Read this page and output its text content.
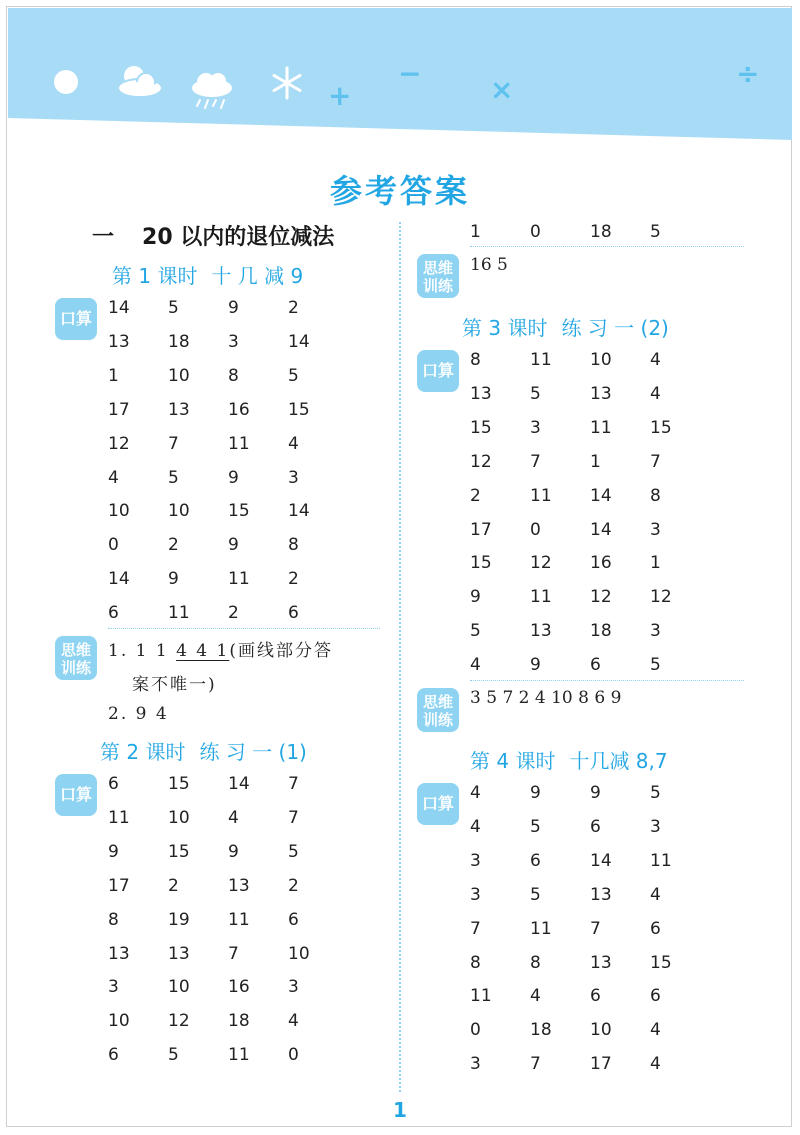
+
− ×	÷
参考答案
一 20 以内的退位减法
第 1 课时 十 几 减 9
口算
14	5	9	2
13	18	3	14
1	10	8	5
17	13	16	15
12	7	11	4
4	5	9	3
10	10	15	14
0	2	9	8
14	9	11	2
6	11	2	6
思维
训练
1. 1 1 4 4 1(画线部分答
案不唯一)
2. 9 4
第 2 课时 练 习 一 (1)
口算
6	15	14	7
11	10	4	7
9	15	9	5
17	2	13	2
8	19	11	6
13	13	7	10
3	10	16	3
10	12	18	4
6	5	11	0
1	0	18	5
思维
训练
16 5
第 3 课时 练 习 一 (2)
口算
8	11	10	4
13	5	13	4
15	3	11	15
12	7	1	7
2	11	14	8
17	0	14	3
15	12	16	1
9	11	12	12
5	13	18	3
4	9	6	5
思维
训练
3 5 7 2 4 10 8 6 9
第 4 课时 十几减 8,7
口算
4	9	9	5
4	5	6	3
3	6	14	11
3	5	13	4
7	11	7	6
8	8	13	15
11	4	6	6
0	18	10	4
3	7	17	4
1
